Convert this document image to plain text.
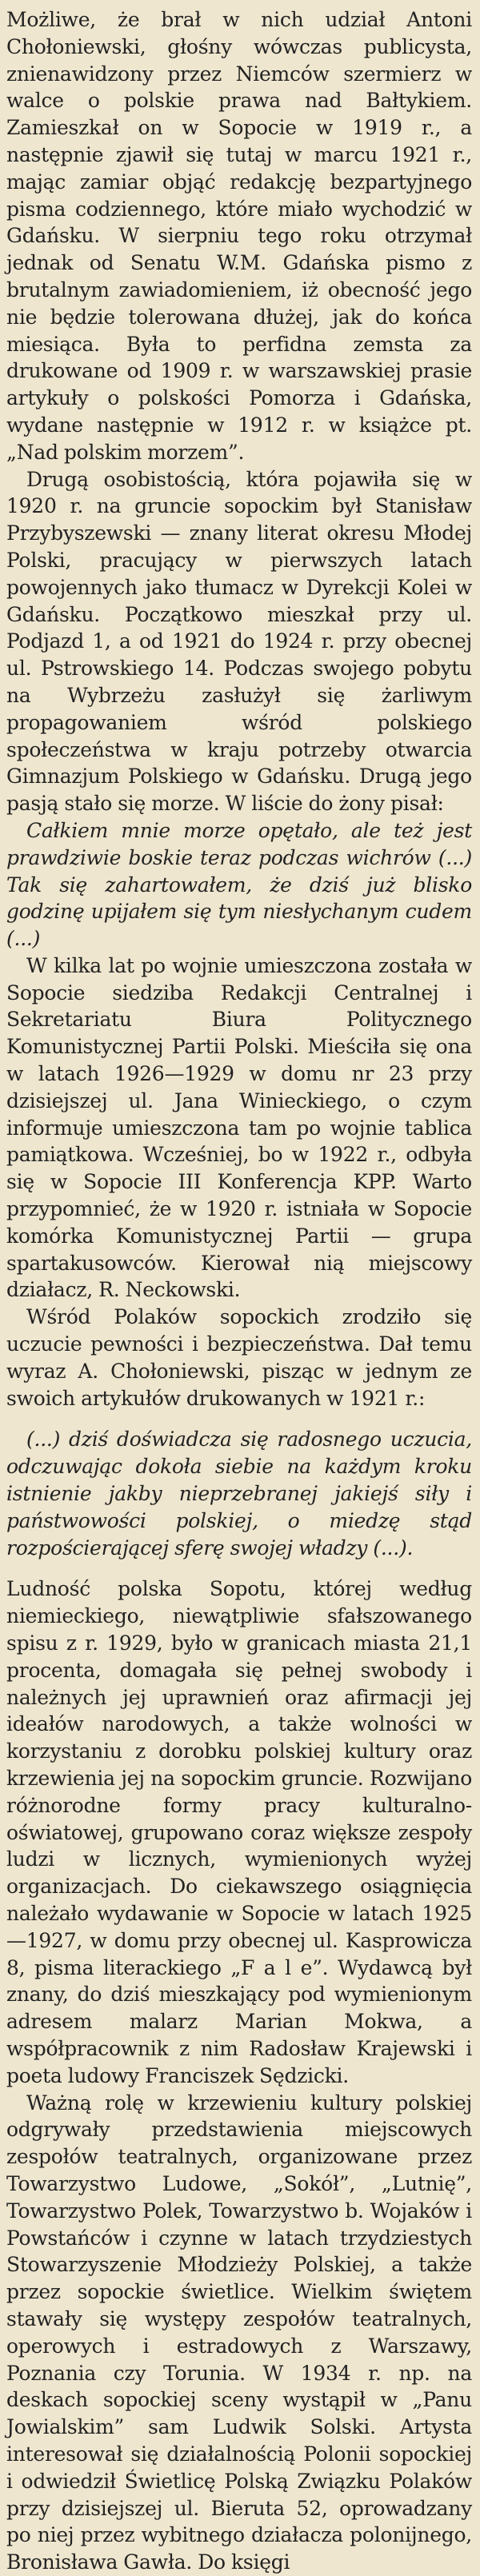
Możliwe, że brał w nich udział Antoni Chołoniewski, głośny wówczas publicysta, znienawidzony przez Niemców szermierz w walce o polskie prawa nad Bałtykiem. Zamieszkał on w Sopocie w 1919 r., a następnie zjawił się tutaj w marcu 1921 r., mając zamiar objąć redakcję bezpartyjnego pisma codziennego, które miało wychodzić w Gdańsku. W sierpniu tego roku otrzymał jednak od Senatu W.M. Gdańska pismo z brutalnym zawiadomieniem, iż obecność jego nie będzie tolerowana dłużej, jak do końca miesiąca. Była to perfidna zemsta za drukowane od 1909 r. w warszawskiej prasie artykuły o polskości Pomorza i Gdańska, wydane następnie w 1912 r. w książce pt. „Nad polskim morzem”.

Drugą osobistością, która pojawiła się w 1920 r. na gruncie sopockim był Stanisław Przybyszewski — znany literat okresu Młodej Polski, pracujący w pierwszych latach powojennych jako tłumacz w Dyrekcji Kolei w Gdańsku. Początkowo mieszkał przy ul. Podjazd 1, a od 1921 do 1924 r. przy obecnej ul. Pstrowskiego 14. Podczas swojego pobytu na Wybrzeżu zasłużył się żarliwym propagowaniem wśród polskiego społeczeństwa w kraju potrzeby otwarcia Gimnazjum Polskiego w Gdańsku. Drugą jego pasją stało się morze. W liście do żony pisał:

Całkiem mnie morze opętało, ale też jest prawdziwie boskie teraz podczas wichrów (...) Tak się zahartowałem, że dziś już blisko godzinę upijałem się tym niesłychanym cudem (...)

W kilka lat po wojnie umieszczona została w Sopocie siedziba Redakcji Centralnej i Sekretariatu Biura Politycznego Komunistycznej Partii Polski. Mieściła się ona w latach 1926—1929 w domu nr 23 przy dzisiejszej ul. Jana Winieckiego, o czym informuje umieszczona tam po wojnie tablica pamiątkowa. Wcześniej, bo w 1922 r., odbyła się w Sopocie III Konferencja KPP. Warto przypomnieć, że w 1920 r. istniała w Sopocie komórka Komunistycznej Partii — grupa spartakusowców. Kierował nią miejscowy działacz, R. Neckowski.

Wśród Polaków sopockich zrodziło się uczucie pewności i bezpieczeństwa. Dał temu wyraz A. Chołoniewski, pisząc w jednym ze swoich artykułów drukowanych w 1921 r.:

(...) dziś doświadcza się radosnego uczucia, odczuwając dokoła siebie na każdym kroku istnienie jakby nieprzebranej jakiejś siły i państwowości polskiej, o miedzę stąd rozpościerającej sferę swojej władzy (...).

Ludność polska Sopotu, której według niemieckiego, niewątpliwie sfałszowanego spisu z r. 1929, było w granicach miasta 21,1 procenta, domagała się pełnej swobody i należnych jej uprawnień oraz afirmacji jej ideałów narodowych, a także wolności w korzystaniu z dorobku polskiej kultury oraz krzewienia jej na sopockim gruncie. Rozwijano różnorodne formy pracy kulturalno-oświatowej, grupowano coraz większe zespoły ludzi w licznych, wymienionych wyżej organizacjach. Do ciekawszego osiągnięcia należało wydawanie w Sopocie w latach 1925—1927, w domu przy obecnej ul. Kasprowicza 8, pisma literackiego „F a l e”. Wydawcą był znany, do dziś mieszkający pod wymienionym adresem malarz Marian Mokwa, a współpracownik z nim Radosław Krajewski i poeta ludowy Franciszek Sędzicki.

Ważną rolę w krzewieniu kultury polskiej odgrywały przedstawienia miejscowych zespołów teatralnych, organizowane przez Towarzystwo Ludowe, „Sokół”, „Lutnię”, Towarzystwo Polek, Towarzystwo b. Wojaków i Powstańców i czynne w latach trzydziestych Stowarzyszenie Młodzieży Polskiej, a także przez sopockie świetlice. Wielkim świętem stawały się występy zespołów teatralnych, operowych i estradowych z Warszawy, Poznania czy Torunia. W 1934 r. np. na deskach sopockiej sceny wystąpił w „Panu Jowialskim” sam Ludwik Solski. Artysta interesował się działalnością Polonii sopockiej i odwiedził Świetlicę Polską Związku Polaków przy dzisiejszej ul. Bieruta 52, oprowadzany po niej przez wybitnego działacza polonijnego, Bronisława Gawła. Do księgi
